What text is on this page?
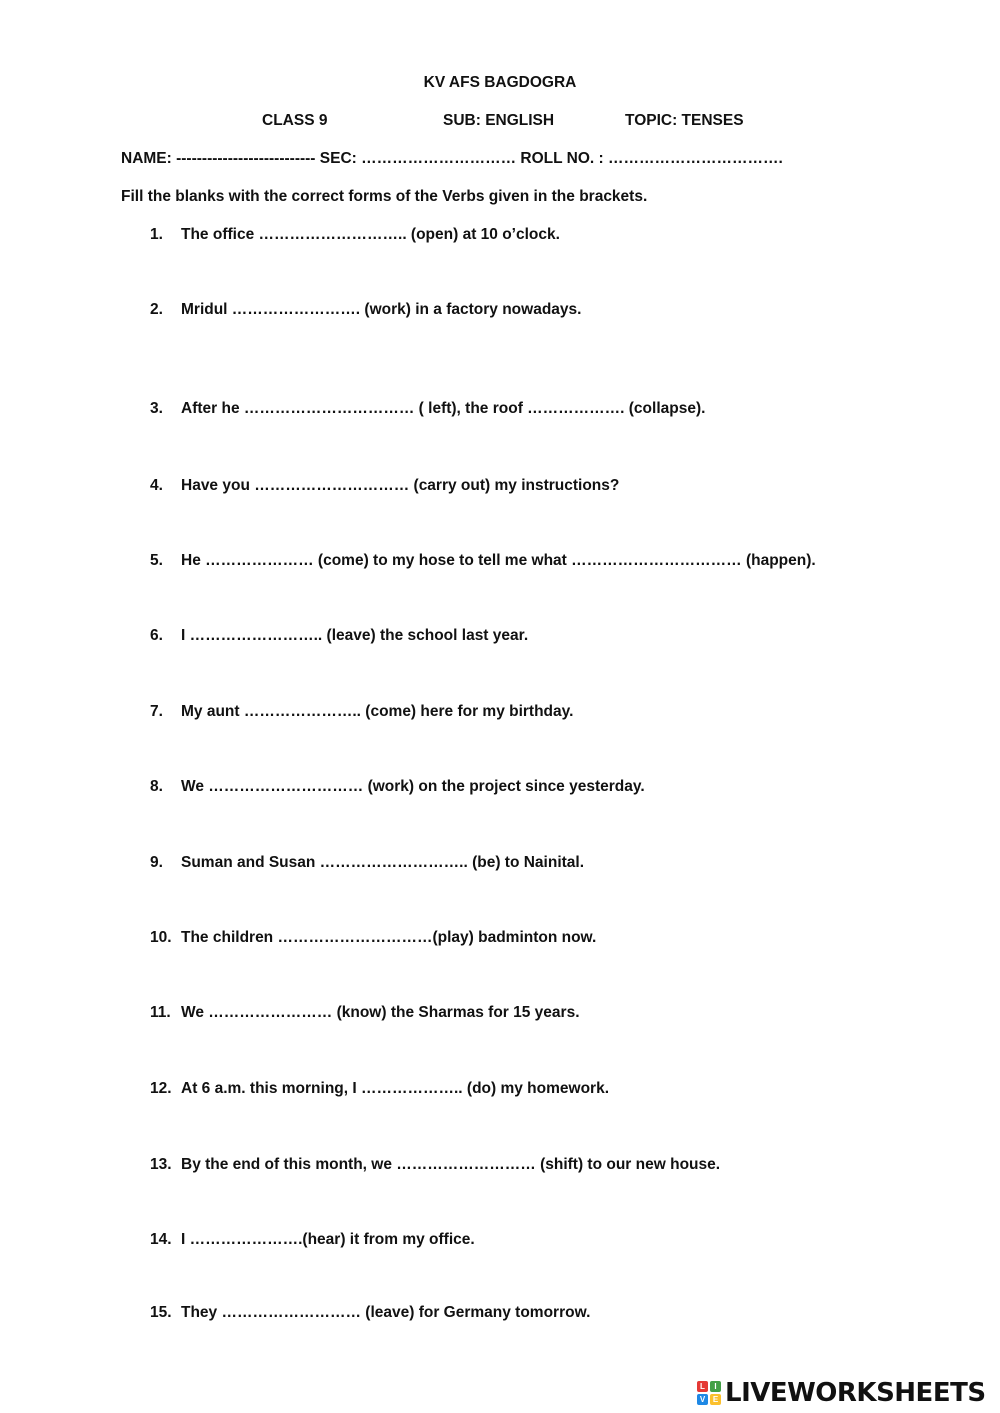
KV AFS BAGDOGRA
CLASS 9	SUB: ENGLISH	TOPIC: TENSES
NAME: --------------------------- SEC: ………………………… ROLL NO. : …………………………….
Fill the blanks with the correct forms of the Verbs given in the brackets.
1. The office ……………………….. (open) at 10 o’clock.
2. Mridul ……………………. (work) in a factory nowadays.
3. After he …………………………… ( left), the roof ………………. (collapse).
4. Have you ………………………… (carry out) my instructions?
5. He ………………… (come) to my hose to tell me what …………………………… (happen).
6. I …………………….. (leave) the school last year.
7. My aunt ………………….. (come) here for my birthday.
8. We ………………………… (work) on the project since yesterday.
9. Suman and Susan ……………………….. (be) to Nainital.
10. The children …………………………(play) badminton now.
11. We …………………… (know) the Sharmas for 15 years.
12. At 6 a.m. this morning, I ……………….. (do) my homework.
13. By the end of this month, we ……………………… (shift) to our new house.
14. I ………………….(hear) it from my office.
15. They ……………………… (leave) for Germany tomorrow.
L	I
V E LIVEWORKSHEETS
